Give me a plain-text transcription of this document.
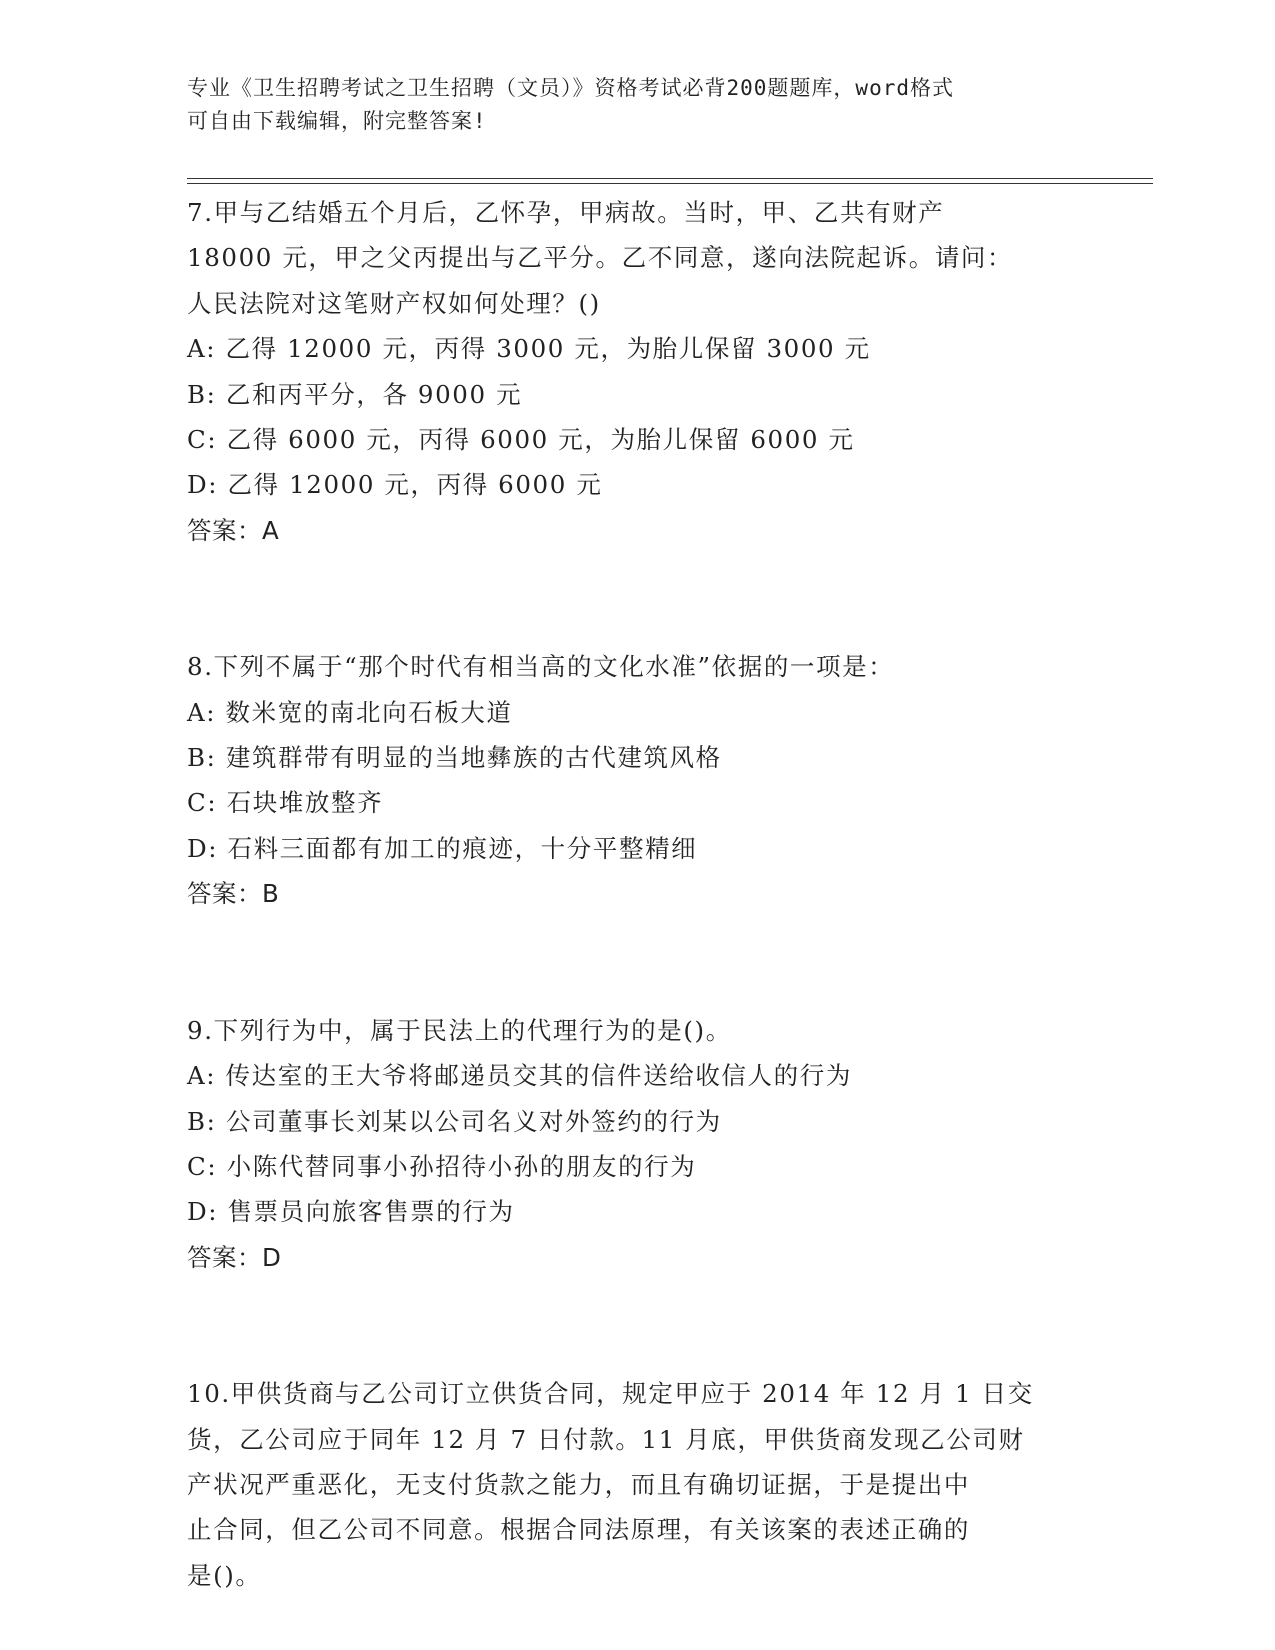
专业《卫生招聘考试之卫生招聘（文员）》资格考试必背200题题库，word格式
可自由下载编辑，附完整答案!
7.甲与乙结婚五个月后，乙怀孕，甲病故。当时，甲、乙共有财产
18000 元，甲之父丙提出与乙平分。乙不同意，遂向法院起诉。请问：
人民法院对这笔财产权如何处理？()
A: 乙得 12000 元，丙得 3000 元，为胎儿保留 3000 元
B: 乙和丙平分，各 9000 元
C: 乙得 6000 元，丙得 6000 元，为胎儿保留 6000 元
D: 乙得 12000 元，丙得 6000 元
答案：A
8.下列不属于“那个时代有相当高的文化水准”依据的一项是：
A: 数米宽的南北向石板大道
B: 建筑群带有明显的当地彝族的古代建筑风格
C: 石块堆放整齐
D: 石料三面都有加工的痕迹，十分平整精细
答案：B
9.下列行为中，属于民法上的代理行为的是()。
A: 传达室的王大爷将邮递员交其的信件送给收信人的行为
B: 公司董事长刘某以公司名义对外签约的行为
C: 小陈代替同事小孙招待小孙的朋友的行为
D: 售票员向旅客售票的行为
答案：D
10.甲供货商与乙公司订立供货合同，规定甲应于 2014 年 12 月 1 日交
货，乙公司应于同年 12 月 7 日付款。11 月底，甲供货商发现乙公司财
产状况严重恶化，无支付货款之能力，而且有确切证据，于是提出中
止合同，但乙公司不同意。根据合同法原理，有关该案的表述正确的
是()。
